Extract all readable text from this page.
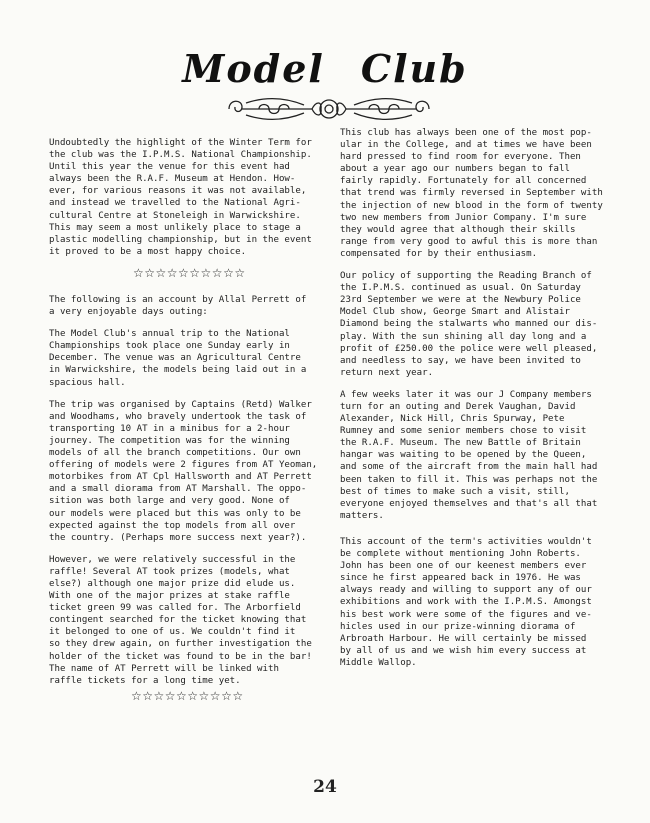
Model Club

Undoubtedly the highlight of the Winter Term for
the club was the I.P.M.S. National Championship.
Until this year the venue for this event had
always been the R.A.F. Museum at Hendon. How-
ever, for various reasons it was not available,
and instead we travelled to the National Agri-
cultural Centre at Stoneleigh in Warwickshire.
This may seem a most unlikely place to stage a
plastic modelling championship, but in the event
it proved to be a most happy choice.

☆☆☆☆☆☆☆☆☆☆

The following is an account by Allal Perrett of
a very enjoyable days outing:

The Model Club's annual trip to the National
Championships took place one Sunday early in
December. The venue was an Agricultural Centre
in Warwickshire, the models being laid out in a
spacious hall.

The trip was organised by Captains (Retd) Walker
and Woodhams, who bravely undertook the task of
transporting 10 AT in a minibus for a 2-hour
journey. The competition was for the winning
models of all the branch competitions. Our own
offering of models were 2 figures from AT Yeoman,
motorbikes from AT Cpl Hallsworth and AT Perrett
and a small diorama from AT Marshall. The oppo-
sition was both large and very good. None of
our models were placed but this was only to be
expected against the top models from all over
the country. (Perhaps more success next year?).

However, we were relatively successful in the
raffle! Several AT took prizes (models, what
else?) although one major prize did elude us.
With one of the major prizes at stake raffle
ticket green 99 was called for. The Arborfield
contingent searched for the ticket knowing that
it belonged to one of us. We couldn't find it
so they drew again, on further investigation the
holder of the ticket was found to be in the bar!
The name of AT Perrett will be linked with
raffle tickets for a long time yet.

☆☆☆☆☆☆☆☆☆☆

This club has always been one of the most pop-
ular in the College, and at times we have been
hard pressed to find room for everyone. Then
about a year ago our numbers began to fall
fairly rapidly. Fortunately for all concerned
that trend was firmly reversed in September with
the injection of new blood in the form of twenty
two new members from Junior Company. I'm sure
they would agree that although their skills
range from very good to awful this is more than
compensated for by their enthusiasm.

Our policy of supporting the Reading Branch of
the I.P.M.S. continued as usual. On Saturday
23rd September we were at the Newbury Police
Model Club show, George Smart and Alistair
Diamond being the stalwarts who manned our dis-
play. With the sun shining all day long and a
profit of £250.00 the police were well pleased,
and needless to say, we have been invited to
return next year.

A few weeks later it was our J Company members
turn for an outing and Derek Vaughan, David
Alexander, Nick Hill, Chris Spurway, Pete
Rumney and some senior members chose to visit
the R.A.F. Museum. The new Battle of Britain
hangar was waiting to be opened by the Queen,
and some of the aircraft from the main hall had
been taken to fill it. This was perhaps not the
best of times to make such a visit, still,
everyone enjoyed themselves and that's all that
matters.

This account of the term's activities wouldn't
be complete without mentioning John Roberts.
John has been one of our keenest members ever
since he first appeared back in 1976. He was
always ready and willing to support any of our
exhibitions and work with the I.P.M.S. Amongst
his best work were some of the figures and ve-
hicles used in our prize-winning diorama of
Arbroath Harbour. He will certainly be missed
by all of us and we wish him every success at
Middle Wallop.

24
